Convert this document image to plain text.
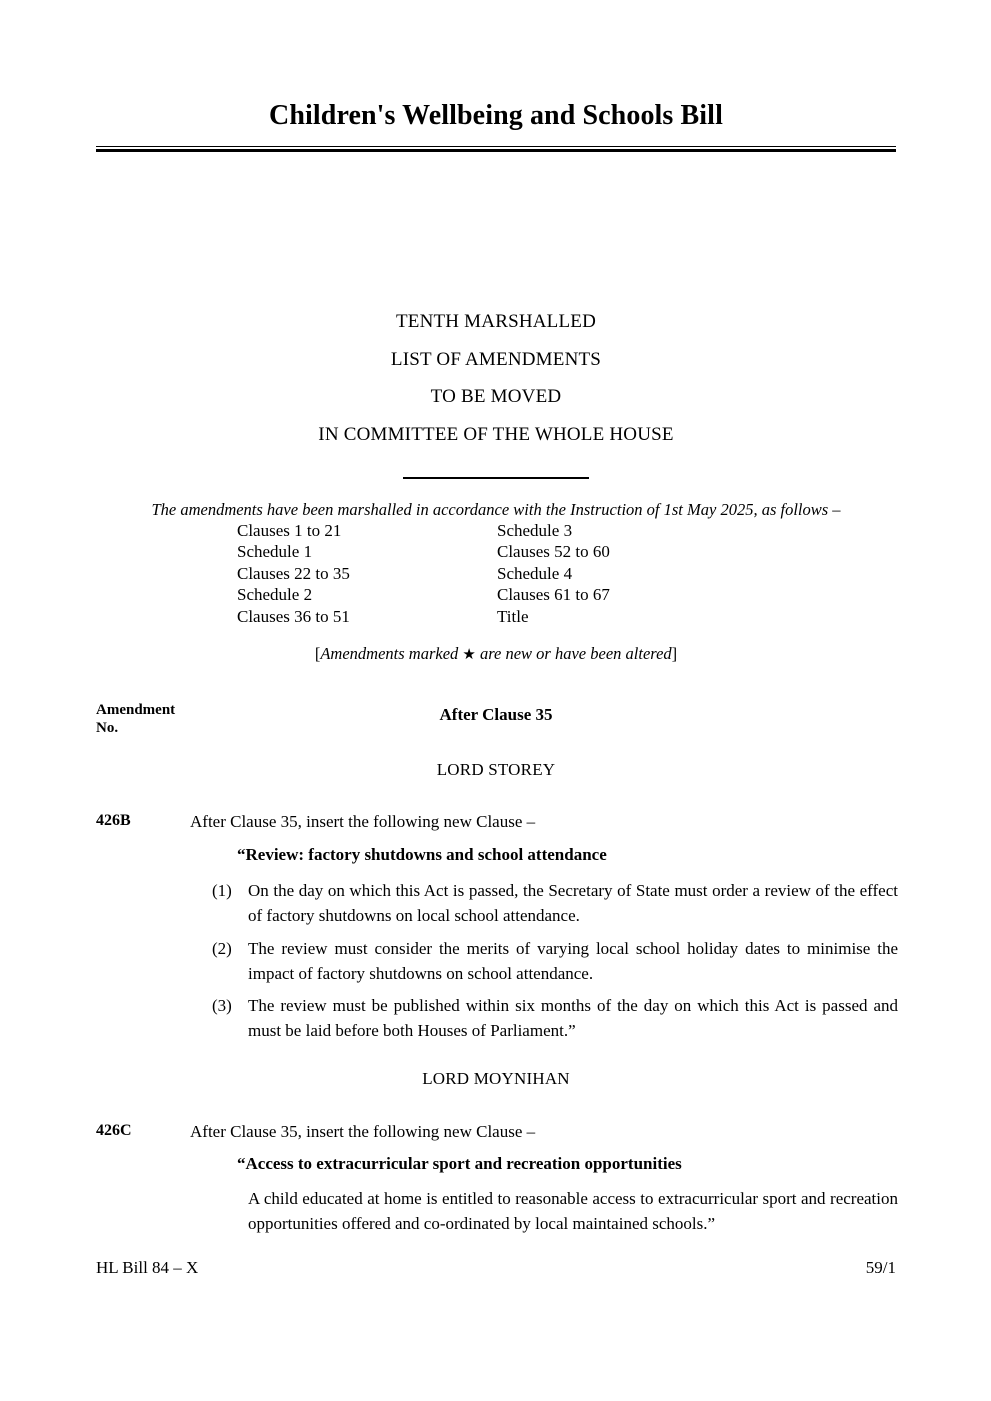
Children's Wellbeing and Schools Bill
TENTH MARSHALLED
LIST OF AMENDMENTS
TO BE MOVED
IN COMMITTEE OF THE WHOLE HOUSE
The amendments have been marshalled in accordance with the Instruction of 1st May 2025, as follows –
Clauses 1 to 21	Schedule 3
Schedule 1	Clauses 52 to 60
Clauses 22 to 35	Schedule 4
Schedule 2	Clauses 61 to 67
Clauses 36 to 51	Title
[Amendments marked ★ are new or have been altered]
Amendment
No.
After Clause 35
LORD STOREY
426B	After Clause 35, insert the following new Clause –
“Review: factory shutdowns and school attendance
(1) On the day on which this Act is passed, the Secretary of State must order a review of the effect of factory shutdowns on local school attendance.
(2) The review must consider the merits of varying local school holiday dates to minimise the impact of factory shutdowns on school attendance.
(3) The review must be published within six months of the day on which this Act is passed and must be laid before both Houses of Parliament.”
LORD MOYNIHAN
426C	After Clause 35, insert the following new Clause –
“Access to extracurricular sport and recreation opportunities
A child educated at home is entitled to reasonable access to extracurricular sport and recreation opportunities offered and co-ordinated by local maintained schools.”
HL Bill 84 – X	59/1
